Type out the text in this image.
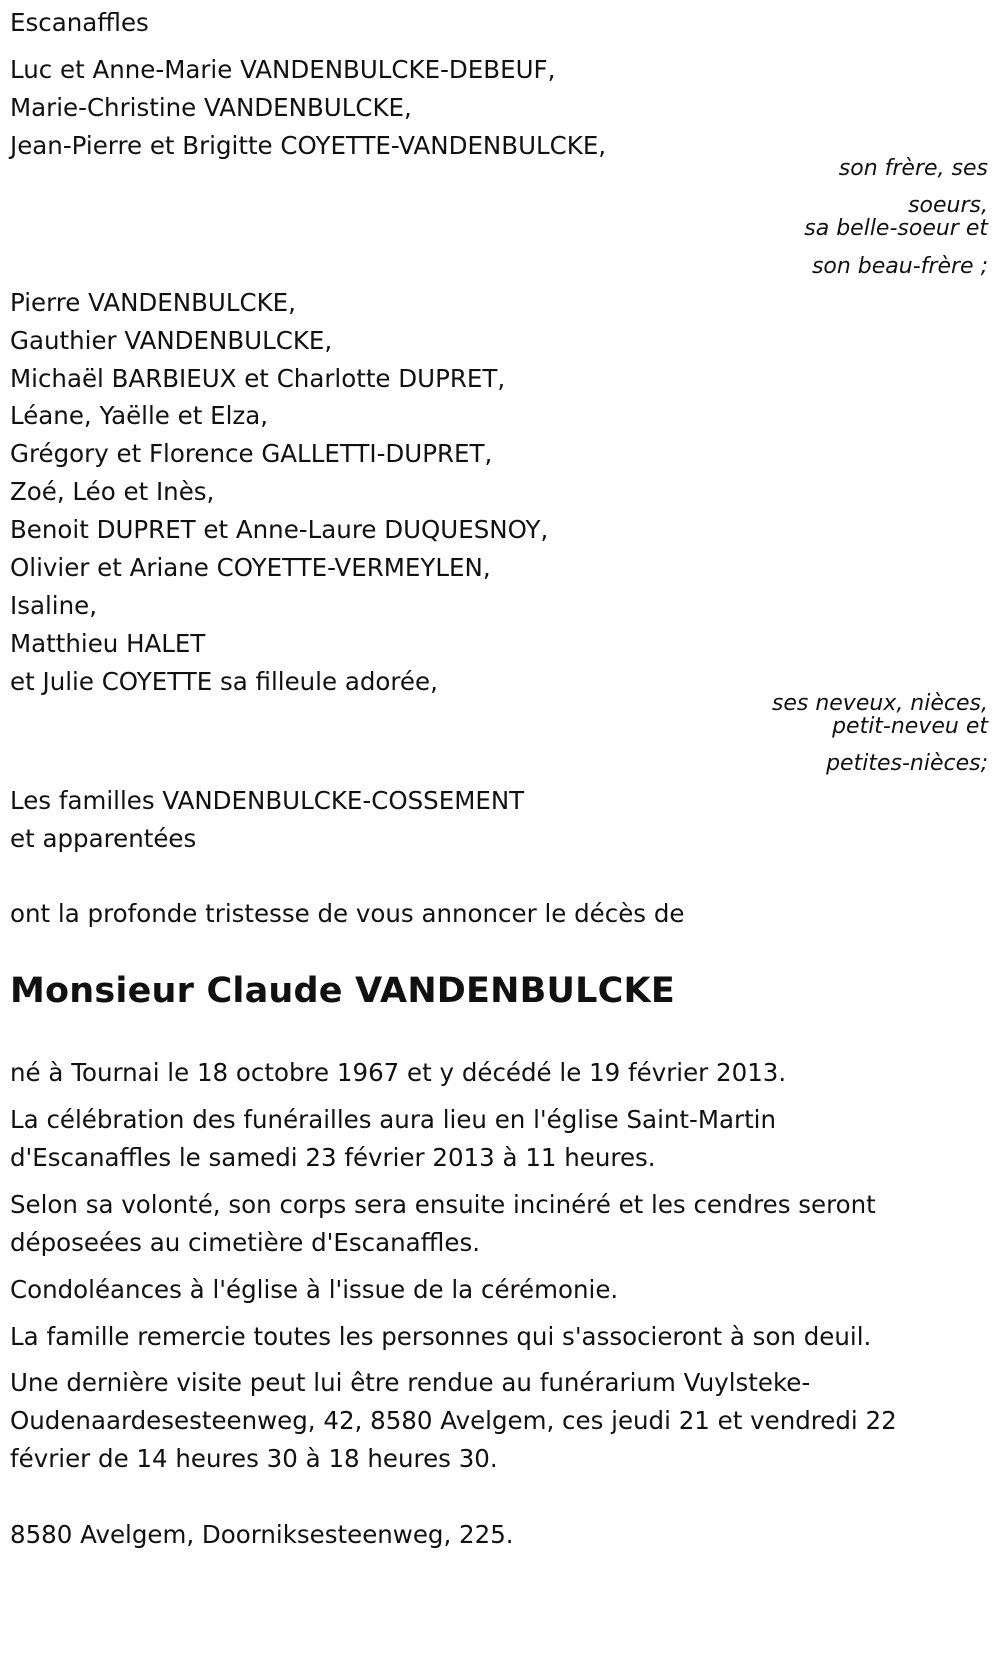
Escanaffles
Luc et Anne-Marie VANDENBULCKE-DEBEUF,
Marie-Christine VANDENBULCKE,
Jean-Pierre et Brigitte COYETTE-VANDENBULCKE,
son frère, ses
soeurs,
sa belle-soeur et
son beau-frère ;
Pierre VANDENBULCKE,
Gauthier VANDENBULCKE,
Michaël BARBIEUX et Charlotte DUPRET,
Léane, Yaëlle et Elza,
Grégory et Florence GALLETTI-DUPRET,
Zoé, Léo et Inès,
Benoit DUPRET et Anne-Laure DUQUESNOY,
Olivier et Ariane COYETTE-VERMEYLEN,
Isaline,
Matthieu HALET
et Julie COYETTE sa filleule adorée,
ses neveux, nièces,
petit-neveu et
petites-nièces;
Les familles VANDENBULCKE-COSSEMENT
et apparentées
ont la profonde tristesse de vous annoncer le décès de
Monsieur Claude VANDENBULCKE
né à Tournai le 18 octobre 1967 et y décédé le 19 février 2013.
La célébration des funérailles aura lieu en l'église Saint-Martin d'Escanaffles le samedi 23 février 2013 à 11 heures.
Selon sa volonté, son corps sera ensuite incinéré et les cendres seront déposeées au cimetière d'Escanaffles.
Condoléances à l'église à l'issue de la cérémonie.
La famille remercie toutes les personnes qui s'associeront à son deuil.
Une dernière visite peut lui être rendue au funérarium Vuylsteke-Oudenaardesesteenweg, 42, 8580 Avelgem, ces jeudi 21 et vendredi 22 février de 14 heures 30 à 18 heures 30.
8580 Avelgem, Doorniksesteenweg, 225.
